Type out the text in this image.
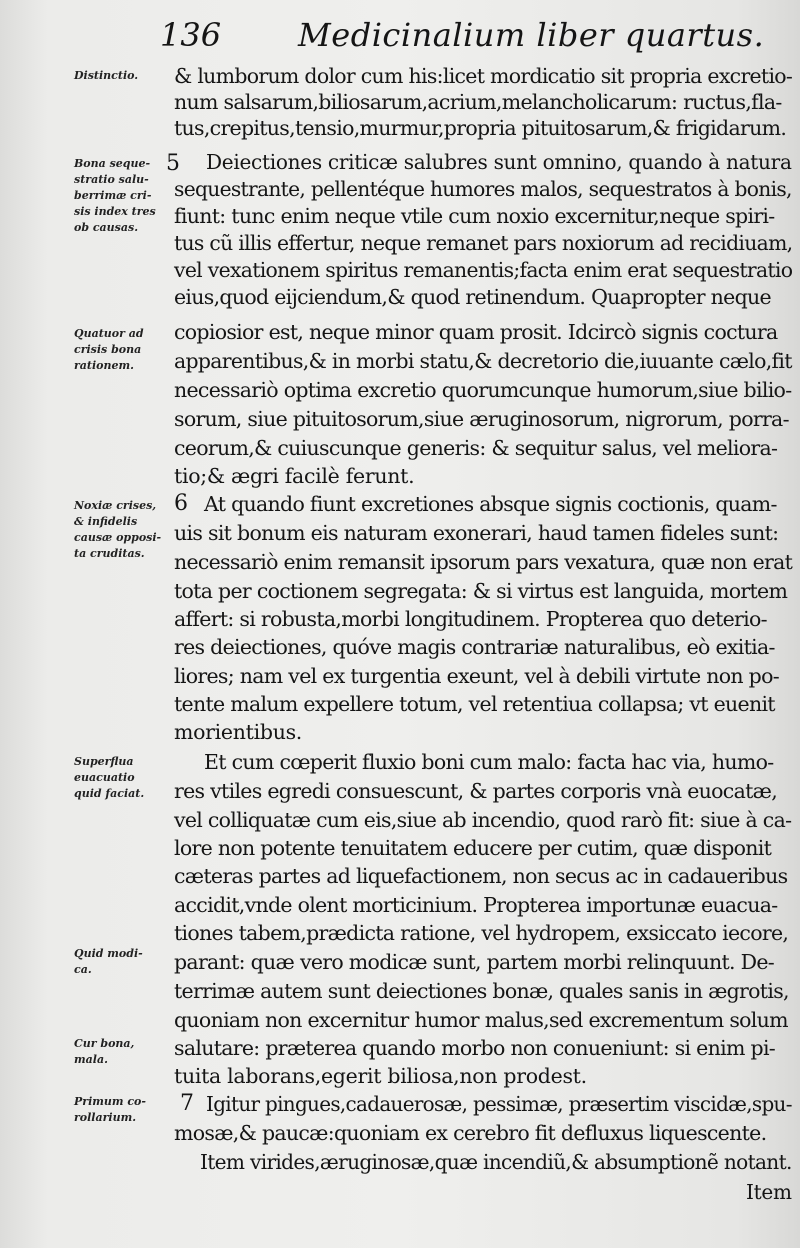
136 Medicinalium liber quartus.
Distinctio.
Bona seque-
stratio salu-
berrimæ cri-
sis index tres
ob causas.
Quatuor ad
crisis bona
rationem.
Noxiæ crises,
& infidelis
causæ opposi-
ta cruditas.
Superflua
euacuatio
quid faciat.
Quid modi-
ca.
Cur bona,
mala.
Primum co-
rollarium.
5
6
7
& lumborum dolor cum his:licet mordicatio sit propria excretio-
num salsarum,biliosarum,acrium,melancholicarum: ructus,fla-
tus,crepitus,tensio,murmur,propria pituitosarum,& frigidarum.
Deiectiones criticæ salubres sunt omnino, quando à natura
sequestrante, pellentéque humores malos, sequestratos à bonis,
fiunt: tunc enim neque vtile cum noxio excernitur,neque spiri-
tus cũ illis effertur, neque remanet pars noxiorum ad recidiuam,
vel vexationem spiritus remanentis;facta enim erat sequestratio
eius,quod eijciendum,& quod retinendum. Quapropter neque
copiosior est, neque minor quam prosit. Idcircò signis coctura
apparentibus,& in morbi statu,& decretorio die,iuuante cælo,fit
necessariò optima excretio quorumcunque humorum,siue bilio-
sorum, siue pituitosorum,siue æruginosorum, nigrorum, porra-
ceorum,& cuiuscunque generis: & sequitur salus, vel meliora-
tio;& ægri facilè ferunt.
At quando fiunt excretiones absque signis coctionis, quam-
uis sit bonum eis naturam exonerari, haud tamen fideles sunt:
necessariò enim remansit ipsorum pars vexatura, quæ non erat
tota per coctionem segregata: & si virtus est languida, mortem
affert: si robusta,morbi longitudinem. Propterea quo deterio-
res deiectiones, quóve magis contrariæ naturalibus, eò exitia-
liores; nam vel ex turgentia exeunt, vel à debili virtute non po-
tente malum expellere totum, vel retentiua collapsa; vt euenit
morientibus.
Et cum cœperit fluxio boni cum malo: facta hac via, humo-
res vtiles egredi consuescunt, & partes corporis vnà euocatæ,
vel colliquatæ cum eis,siue ab incendio, quod rarò fit: siue à ca-
lore non potente tenuitatem educere per cutim, quæ disponit
cæteras partes ad liquefactionem, non secus ac in cadaueribus
accidit,vnde olent morticinium. Propterea importunæ euacua-
tiones tabem,prædicta ratione, vel hydropem, exsiccato iecore,
parant: quæ vero modicæ sunt, partem morbi relinquunt. De-
terrimæ autem sunt deiectiones bonæ, quales sanis in ægrotis,
quoniam non excernitur humor malus,sed excrementum solum
salutare: præterea quando morbo non conueniunt: si enim pi-
tuita laborans,egerit biliosa,non prodest.
Igitur pingues,cadauerosæ, pessimæ, præsertim viscidæ,spu-
mosæ,& paucæ:quoniam ex cerebro fit defluxus liquescente.
Item virides,æruginosæ,quæ incendiũ,& absumptionẽ notant.
Item
